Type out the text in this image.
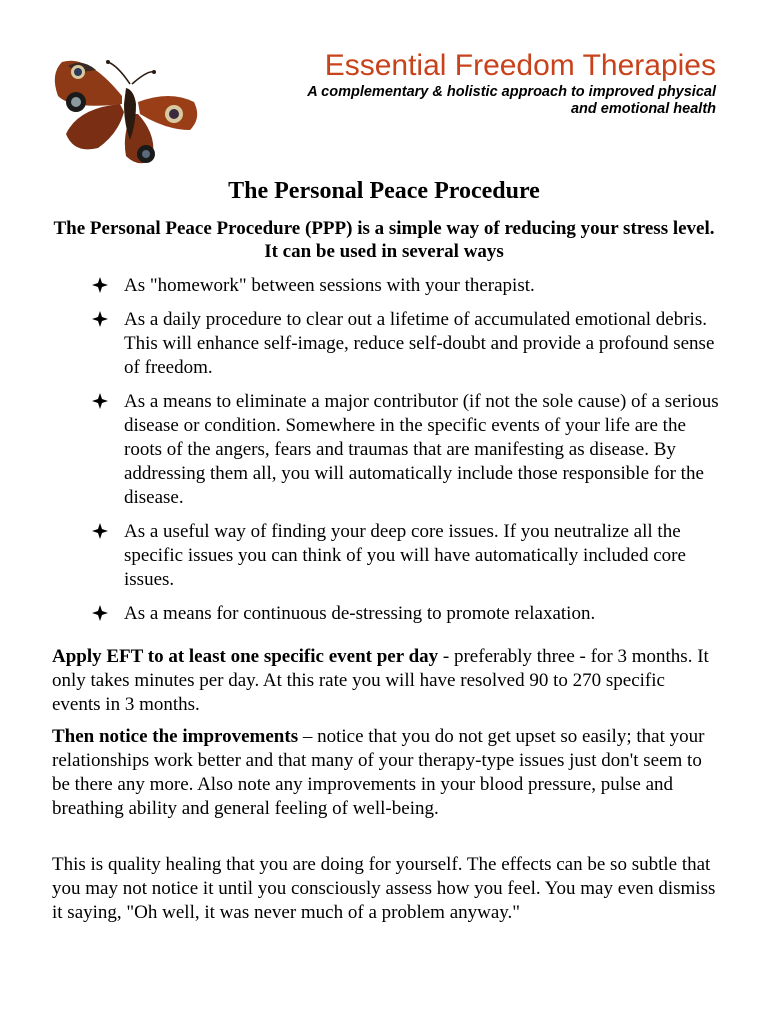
Essential Freedom Therapies
A complementary & holistic approach to improved physical
and emotional health
The Personal Peace Procedure
The Personal Peace Procedure (PPP) is a simple way of reducing your stress level. It can be used in several ways
As "homework" between sessions with your therapist.
As a daily procedure to clear out a lifetime of accumulated emotional debris. This will enhance self-image, reduce self-doubt and provide a profound sense of freedom.
As a means to eliminate a major contributor (if not the sole cause) of a serious disease or condition. Somewhere in the specific events of your life are the roots of the angers, fears and traumas that are manifesting as disease. By addressing them all, you will automatically include those responsible for the disease.
As a useful way of finding your deep core issues. If you neutralize all the specific issues you can think of you will have automatically included core issues.
As a means for continuous de-stressing to promote relaxation.

Apply EFT to at least one specific event per day - preferably three - for 3 months. It only takes minutes per day. At this rate you will have resolved 90 to 270 specific events in 3 months.

Then notice the improvements – notice that you do not get upset so easily; that your relationships work better and that many of your therapy-type issues just don't seem to be there any more. Also note any improvements in your blood pressure, pulse and breathing ability and general feeling of well-being.

This is quality healing that you are doing for yourself. The effects can be so subtle that you may not notice it until you consciously assess how you feel. You may even dismiss it saying, "Oh well, it was never much of a problem anyway."
